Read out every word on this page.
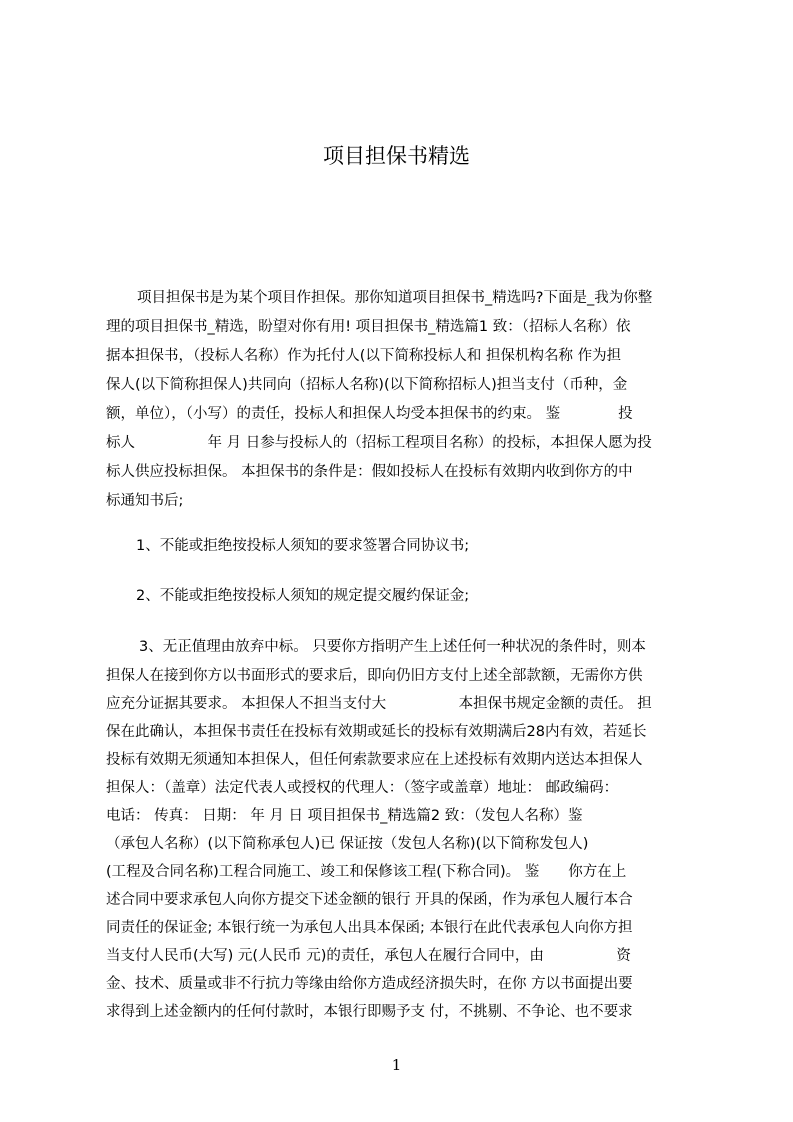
项目担保书精选

项目担保书是为某个项目作担保。那你知道项目担保书_精选吗?下面是_我为你整

理的项目担保书_精选，盼望对你有用! 项目担保书_精选篇1 致：（招标人名称）依

据本担保书，（投标人名称）作为托付人(以下简称投标人和 担保机构名称 作为担

保人(以下简称担保人)共同向（招标人名称)(以下简称招标人)担当支付（币种，金

额，单位），（小写）的责任，投标人和担保人均受本担保书的约束。 鉴　　　　投

标人　　　　　年 月 日参与投标人的（招标工程项目名称）的投标，本担保人愿为投

标人供应投标担保。 本担保书的条件是：假如投标人在投标有效期内收到你方的中

标通知书后;

1、不能或拒绝按投标人须知的要求签署合同协议书;

2、不能或拒绝按投标人须知的规定提交履约保证金;

3、无正值理由放弃中标。 只要你方指明产生上述任何一种状况的条件时，则本

担保人在接到你方以书面形式的要求后，即向仍旧方支付上述全部款额，无需你方供

应充分证据其要求。 本担保人不担当支付大　　　　　本担保书规定金额的责任。 担

保在此确认，本担保书责任在投标有效期或延长的投标有效期满后28内有效，若延长

投标有效期无须通知本担保人，但任何索款要求应在上述投标有效期内送达本担保人

担保人：（盖章）法定代表人或授权的代理人：（签字或盖章）地址： 邮政编码：

电话： 传真： 日期： 年 月 日 项目担保书_精选篇2 致：（发包人名称）鉴

（承包人名称）(以下简称承包人)已 保证按（发包人名称)(以下简称发包人)

(工程及合同名称)工程合同施工、竣工和保修该工程(下称合同)。 鉴　　你方在上

述合同中要求承包人向你方提交下述金额的银行 开具的保函，作为承包人履行本合

同责任的保证金; 本银行统一为承包人出具本保函; 本银行在此代表承包人向你方担

当支付人民币(大写) 元(人民币 元)的责任，承包人在履行合同中，由　　　　　资

金、技术、质量或非不行抗力等缘由给你方造成经济损失时，在你 方以书面提出要

求得到上述金额内的任何付款时，本银行即赐予支 付，不挑剔、不争论、也不要求

1
